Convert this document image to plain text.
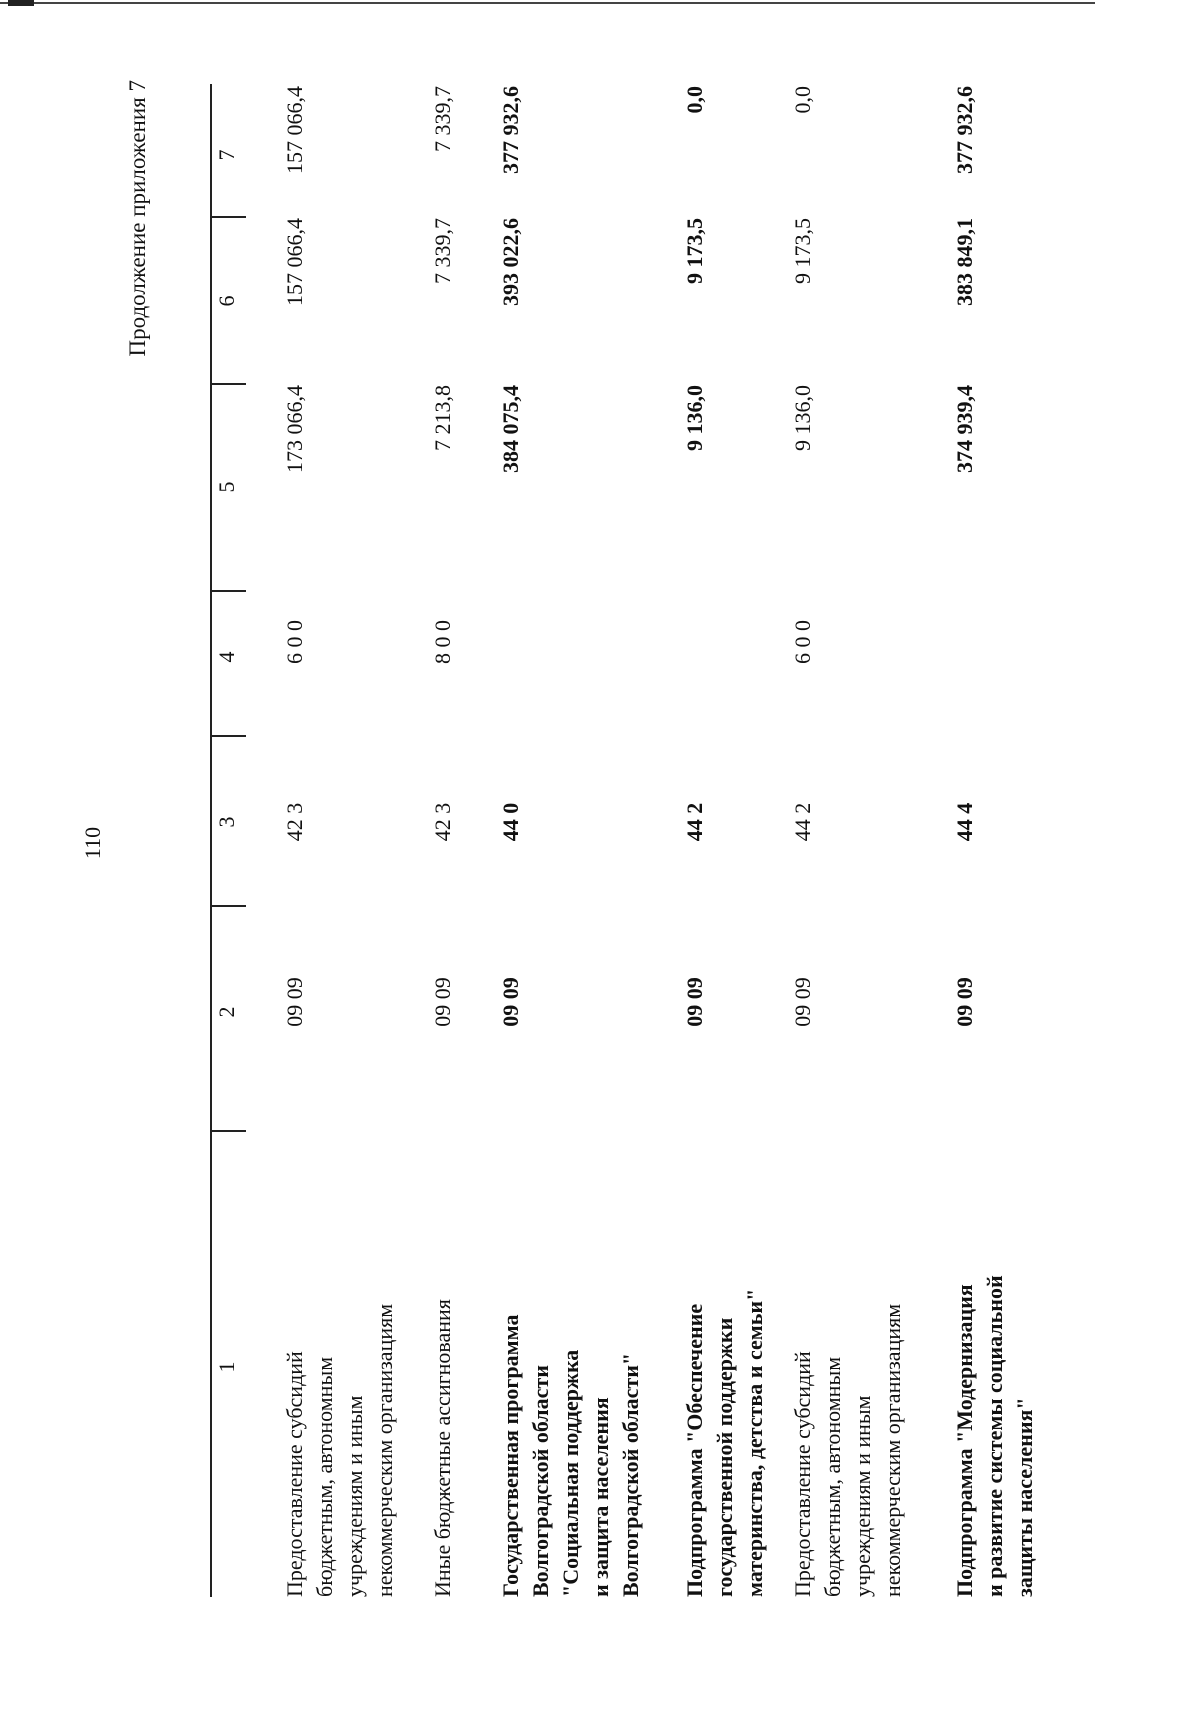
110
Продолжение приложения 7
1
2
3
4
5
6
7
Предоставление субсидий бюджетным, автономным учреждениям и иным некоммерческим организациям
09 09
42 3
6 0 0
173 066,4
157 066,4
157 066,4
Иные бюджетные ассигнования
09 09
42 3
8 0 0
7 213,8
7 339,7
7 339,7
Государственная программа Волгоградской области "Социальная поддержка и защита населения Волгоградской области"
09 09
44 0
384 075,4
393 022,6
377 932,6
Подпрограмма "Обеспечение государственной поддержки материнства, детства и семьи"
09 09
44 2
9 136,0
9 173,5
0,0
Предоставление субсидий бюджетным, автономным учреждениям и иным некоммерческим организациям
09 09
44 2
6 0 0
9 136,0
9 173,5
0,0
Подпрограмма "Модернизация и развитие системы социальной защиты населения"
09 09
44 4
374 939,4
383 849,1
377 932,6
